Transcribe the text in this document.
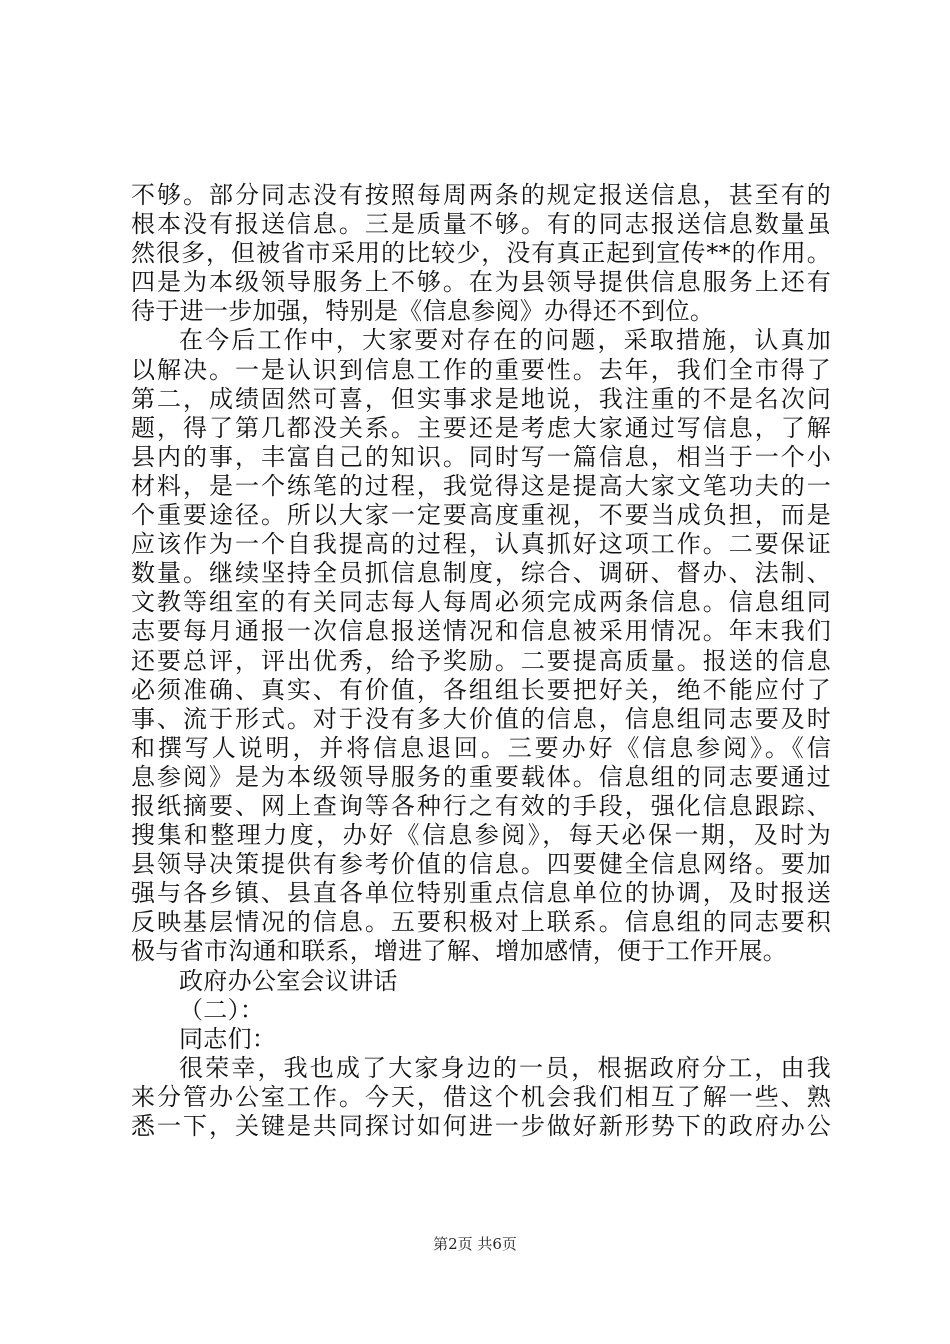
不够。部分同志没有按照每周两条的规定报送信息，甚至有的
根本没有报送信息。三是质量不够。有的同志报送信息数量虽
然很多，但被省市采用的比较少，没有真正起到宣传**的作用。
四是为本级领导服务上不够。在为县领导提供信息服务上还有
待于进一步加强，特别是《信息参阅》办得还不到位。
在今后工作中，大家要对存在的问题，采取措施，认真加
以解决。一是认识到信息工作的重要性。去年，我们全市得了
第二，成绩固然可喜，但实事求是地说，我注重的不是名次问
题，得了第几都没关系。主要还是考虑大家通过写信息，了解
县内的事，丰富自己的知识。同时写一篇信息，相当于一个小
材料，是一个练笔的过程，我觉得这是提高大家文笔功夫的一
个重要途径。所以大家一定要高度重视，不要当成负担，而是
应该作为一个自我提高的过程，认真抓好这项工作。二要保证
数量。继续坚持全员抓信息制度，综合、调研、督办、法制、
文教等组室的有关同志每人每周必须完成两条信息。信息组同
志要每月通报一次信息报送情况和信息被采用情况。年末我们
还要总评，评出优秀，给予奖励。二要提高质量。报送的信息
必须准确、真实、有价值，各组组长要把好关，绝不能应付了
事、流于形式。对于没有多大价值的信息，信息组同志要及时
和撰写人说明，并将信息退回。三要办好《信息参阅》。《信
息参阅》是为本级领导服务的重要载体。信息组的同志要通过
报纸摘要、网上查询等各种行之有效的手段，强化信息跟踪、
搜集和整理力度，办好《信息参阅》，每天必保一期，及时为
县领导决策提供有参考价值的信息。四要健全信息网络。要加
强与各乡镇、县直各单位特别重点信息单位的协调，及时报送
反映基层情况的信息。五要积极对上联系。信息组的同志要积
极与省市沟通和联系，增进了解、增加感情，便于工作开展。
政府办公室会议讲话
（二）：
同志们：
很荣幸，我也成了大家身边的一员，根据政府分工，由我
来分管办公室工作。今天，借这个机会我们相互了解一些、熟
悉一下，关键是共同探讨如何进一步做好新形势下的政府办公
第2页 共6页
